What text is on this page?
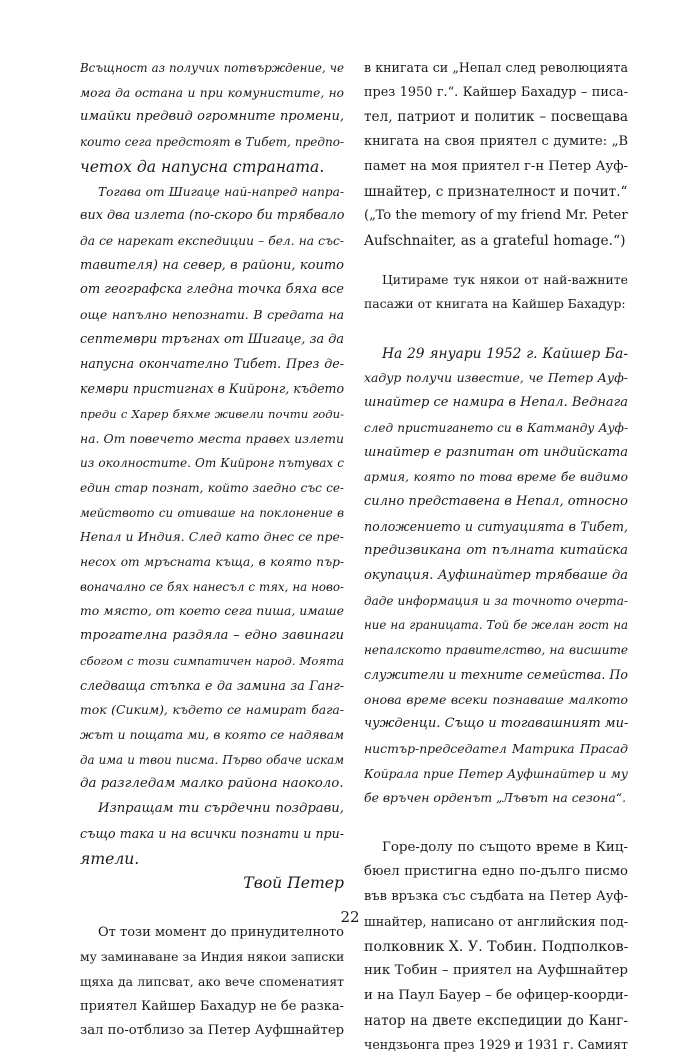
Всъщност аз получих потвърждение, че
мога да остана и при комунистите, но
имайки предвид огромните промени,
които сега предстоят в Тибет, предпо-
четох да напусна страната.
Тогава от Шигаце най-напред напра-
вих два излета (по-скоро би трябвало
да се нарекат експедиции – бел. на със-
тавителя) на север, в райони, които
от географска гледна точка бяха все
още напълно непознати. В средата на
септември тръгнах от Шигаце, за да
напусна окончателно Тибет. През де-
кември пристигнах в Кийронг, където
преди с Харер бяхме живели почти годи-
на. От повечето места правех излети
из околностите. От Кийронг пътувах с
един стар познат, който заедно със се-
мейството си отиваше на поклонение в
Непал и Индия. След като днес се пре-
несох от мръсната къща, в която пър-
воначално се бях нанесъл с тях, на ново-
то място, от което сега пиша, имаше
трогателна раздяла – едно завинаги
сбогом с този симпатичен народ. Моята
следваща стъпка е да замина за Ганг-
ток (Сиким), където се намират бага-
жът и пощата ми, в която се надявам
да има и твои писма. Първо обаче искам
да разгледам малко района наоколо.
Изпращам ти сърдечни поздрави,
също така и на всички познати и при-
ятели.
Твой Петер
От този момент до принудителното
му заминаване за Индия някои записки
щяха да липсват, ако вече споменатият
приятел Кайшер Бахадур не бе разка-
зал по-отблизо за Петер Ауфшнайтер
в книгата си „Непал след революцията
през 1950 г.“. Кайшер Бахадур – писа-
тел, патриот и политик – посвещава
книгата на своя приятел с думите: „В
памет на моя приятел г-н Петер Ауф-
шнайтер, с признателност и почит.“
(„To the memory of my friend Mr. Peter
Aufschnaiter, as a grateful homage.“)
Цитираме тук някои от най-важните
пасажи от книгата на Кайшер Бахадур:
На 29 януари 1952 г. Кайшер Ба-
хадур получи известие, че Петер Ауф-
шнайтер се намира в Непал. Веднага
след пристигането си в Катманду Ауф-
шнайтер е разпитан от индийската
армия, която по това време бе видимо
силно представена в Непал, относно
положението и ситуацията в Тибет,
предизвикана от пълната китайска
окупация. Ауфшнайтер трябваше да
даде информация и за точното очерта-
ние на границата. Той бе желан гост на
непалското правителство, на висшите
служители и техните семейства. По
онова време всеки познаваше малкото
чужденци. Също и тогавашният ми-
нистър-председател Матрика Прасад
Койрала прие Петер Ауфшнайтер и му
бе връчен орденът „Лъвът на сезона“.
Горе-долу по същото време в Киц-
бюел пристигна едно по-дълго писмо
във връзка със съдбата на Петер Ауф-
шнайтер, написано от английския под-
полковник Х. У. Тобин. Подполков-
ник Тобин – приятел на Ауфшнайтер
и на Паул Бауер – бе офицер-коорди-
натор на двете експедиции до Канг-
чендзьонга през 1929 и 1931 г. Самият
22
